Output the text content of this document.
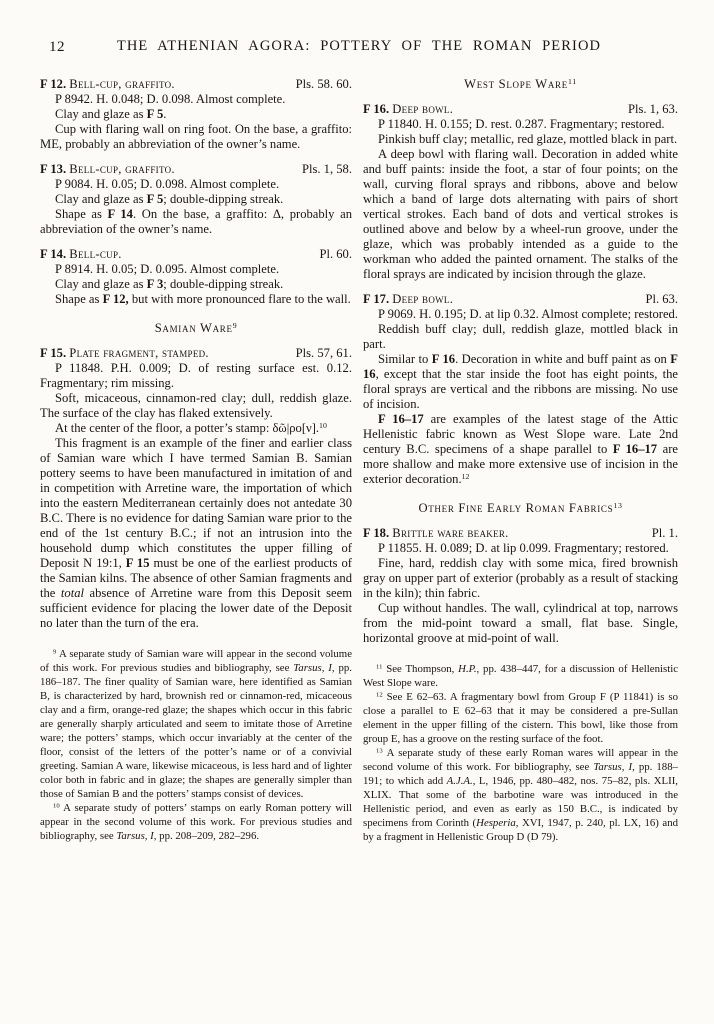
12	THE ATHENIAN AGORA: POTTERY OF THE ROMAN PERIOD
F 12. Bell-cup, graffito.	Pls. 58. 60.

P 8942. H. 0.048; D. 0.098. Almost complete.

Clay and glaze as F 5.

Cup with flaring wall on ring foot. On the base, a graffito: ME, probably an abbreviation of the owner’s name.

F 13. Bell-cup, graffito.	Pls. 1, 58.

P 9084. H. 0.05; D. 0.098. Almost complete.

Clay and glaze as F 5; double-dipping streak.

Shape as F 14. On the base, a graffito: Δ, probably an abbreviation of the owner’s name.

F 14. Bell-cup.	Pl. 60.

P 8914. H. 0.05; D. 0.095. Almost complete.

Clay and glaze as F 3; double-dipping streak.

Shape as F 12, but with more pronounced flare to the wall.

Samian Ware$^9$
F 15. Plate fragment, stamped.	Pls. 57, 61.

P 11848. P.H. 0.009; D. of resting surface est. 0.12. Fragmentary; rim missing.

Soft, micaceous, cinnamon-red clay; dull, reddish glaze. The surface of the clay has flaked extensively.

At the center of the floor, a potter’s stamp: δῶ|ρο[ν].$^{10}$

This fragment is an example of the finer and earlier class of Samian ware which I have termed Samian B. Samian pottery seems to have been manufactured in imitation of and in competition with Arretine ware, the importation of which into the eastern Mediterranean certainly does not antedate 30 B.C. There is no evidence for dating Samian ware prior to the end of the 1st century B.C.; if not an intrusion into the household dump which constitutes the upper filling of Deposit N 19:1, F 15 must be one of the earliest products of the Samian kilns. The absence of other Samian fragments and the total absence of Arretine ware from this Deposit seem sufficient evidence for placing the lower date of the Deposit no later than the turn of the era.

$^9$ A separate study of Samian ware will appear in the second volume of this work. For previous studies and bibliography, see Tarsus, I, pp. 186–187. The finer quality of Samian ware, here identified as Samian B, is characterized by hard, brownish red or cinnamon-red, micaceous clay and a firm, orange-red glaze; the shapes which occur in this fabric are generally sharply articulated and seem to imitate those of Arretine ware; the potters’ stamps, which occur invariably at the center of the floor, consist of the letters of the potter’s name or of a convivial greeting. Samian A ware, likewise micaceous, is less hard and of lighter color both in fabric and in glaze; the shapes are generally simpler than those of Samian B and the potters’ stamps consist of devices.

$^{10}$ A separate study of potters’ stamps on early Roman pottery will appear in the second volume of this work. For previous studies and bibliography, see Tarsus, I, pp. 208–209, 282–296.

West Slope Ware$^{11}$
F 16. Deep bowl.	Pls. 1, 63.

P 11840. H. 0.155; D. rest. 0.287. Fragmentary; restored.

Pinkish buff clay; metallic, red glaze, mottled black in part.

A deep bowl with flaring wall. Decoration in added white and buff paints: inside the foot, a star of four points; on the wall, curving floral sprays and ribbons, above and below which a band of large dots alternating with pairs of short vertical strokes. Each band of dots and vertical strokes is outlined above and below by a wheel-run groove, under the glaze, which was probably intended as a guide to the workman who added the painted ornament. The stalks of the floral sprays are indicated by incision through the glaze.

F 17. Deep bowl.	Pl. 63.

P 9069. H. 0.195; D. at lip 0.32. Almost complete; restored.

Reddish buff clay; dull, reddish glaze, mottled black in part.

Similar to F 16. Decoration in white and buff paint as on F 16, except that the star inside the foot has eight points, the floral sprays are vertical and the ribbons are missing. No use of incision.

F 16–17 are examples of the latest stage of the Attic Hellenistic fabric known as West Slope ware. Late 2nd century B.C. specimens of a shape parallel to F 16–17 are more shallow and make more extensive use of incision in the exterior decoration.$^{12}$

Other Fine Early Roman Fabrics$^{13}$
F 18. Brittle ware beaker.	Pl. 1.

P 11855. H. 0.089; D. at lip 0.099. Fragmentary; restored.

Fine, hard, reddish clay with some mica, fired brownish gray on upper part of exterior (probably as a result of stacking in the kiln); thin fabric.

Cup without handles. The wall, cylindrical at top, narrows from the mid-point toward a small, flat base. Single, horizontal groove at mid-point of wall.

$^{11}$ See Thompson, H.P., pp. 438–447, for a discussion of Hellenistic West Slope ware.

$^{12}$ See E 62–63. A fragmentary bowl from Group F (P 11841) is so close a parallel to E 62–63 that it may be considered a pre-Sullan element in the upper filling of the cistern. This bowl, like those from group E, has a groove on the resting surface of the foot.

$^{13}$ A separate study of these early Roman wares will appear in the second volume of this work. For bibliography, see Tarsus, I, pp. 188–191; to which add A.J.A., L, 1946, pp. 480–482, nos. 75–82, pls. XLII, XLIX. That some of the barbotine ware was introduced in the Hellenistic period, and even as early as 150 B.C., is indicated by specimens from Corinth (Hesperia, XVI, 1947, p. 240, pl. LX, 16) and by a fragment in Hellenistic Group D (D 79).
